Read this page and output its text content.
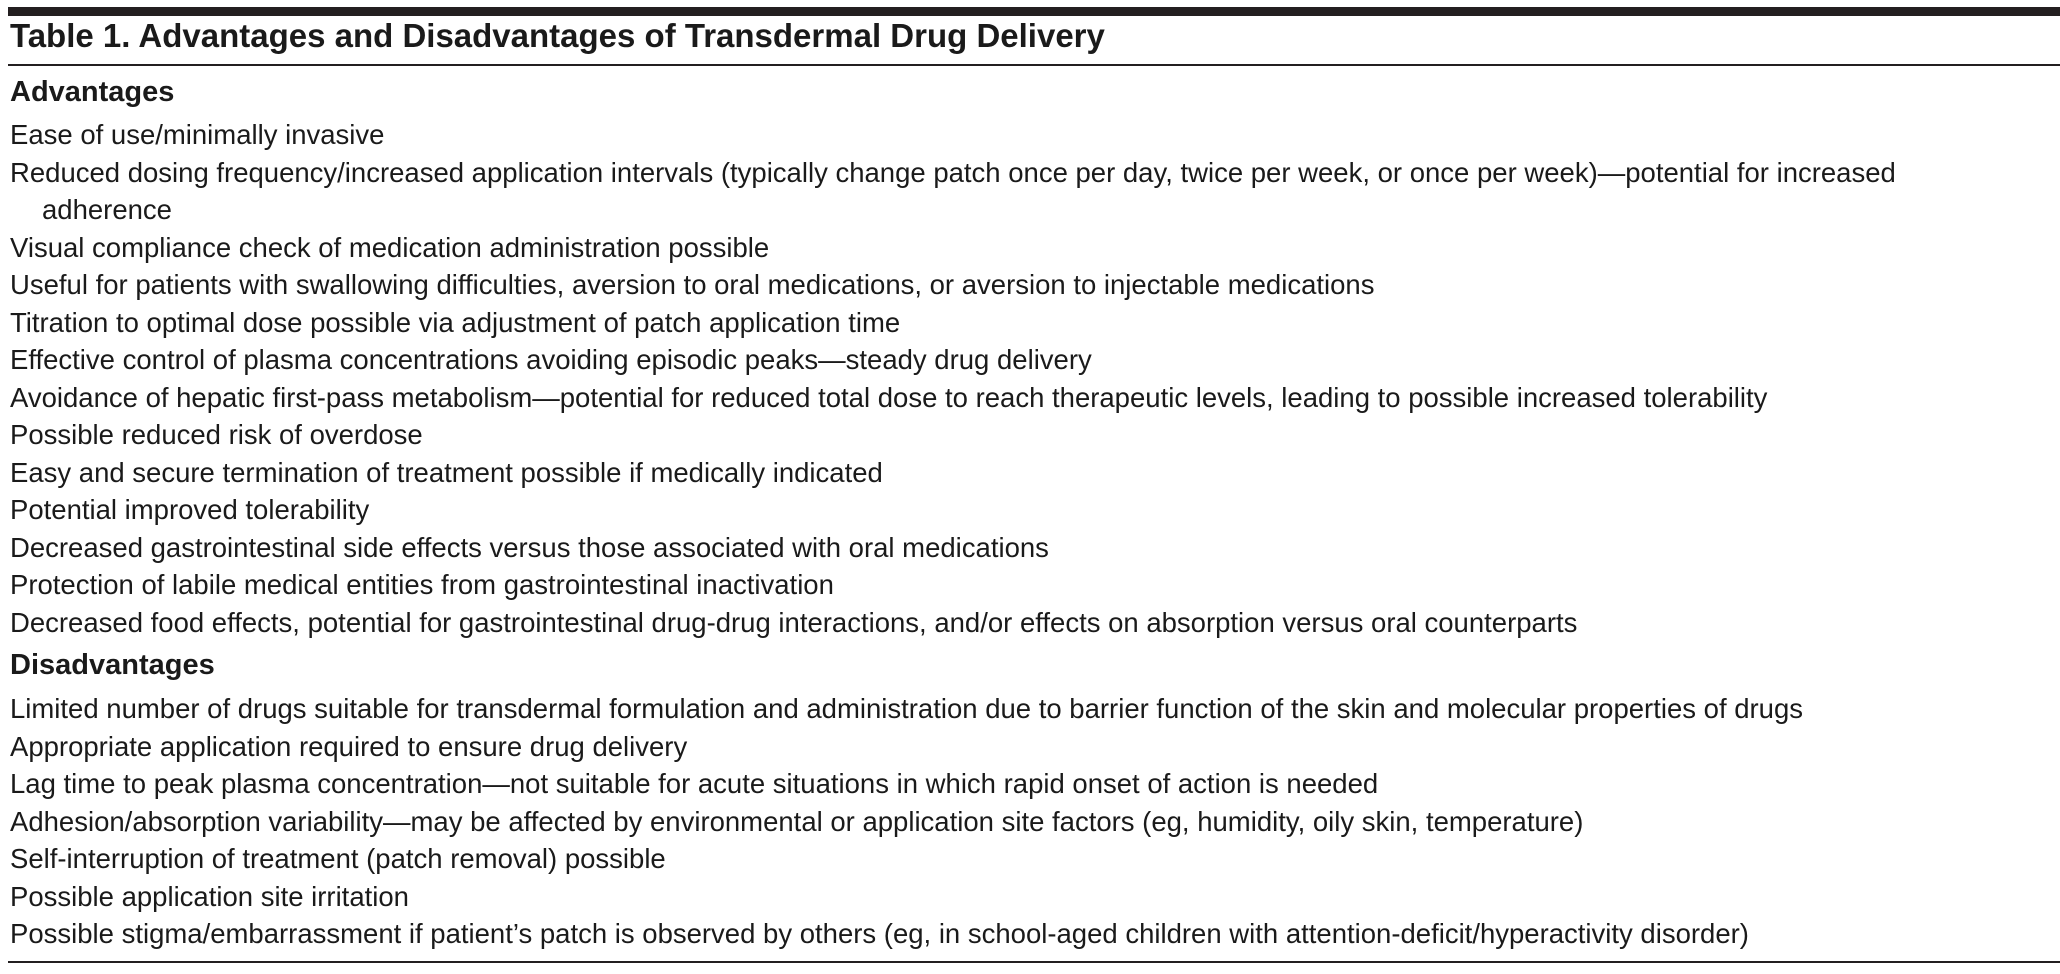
Table 1. Advantages and Disadvantages of Transdermal Drug Delivery
Advantages
Ease of use/minimally invasive
Reduced dosing frequency/increased application intervals (typically change patch once per day, twice per week, or once per week)—potential for increased adherence
Visual compliance check of medication administration possible
Useful for patients with swallowing difficulties, aversion to oral medications, or aversion to injectable medications
Titration to optimal dose possible via adjustment of patch application time
Effective control of plasma concentrations avoiding episodic peaks—steady drug delivery
Avoidance of hepatic first-pass metabolism—potential for reduced total dose to reach therapeutic levels, leading to possible increased tolerability
Possible reduced risk of overdose
Easy and secure termination of treatment possible if medically indicated
Potential improved tolerability
Decreased gastrointestinal side effects versus those associated with oral medications
Protection of labile medical entities from gastrointestinal inactivation
Decreased food effects, potential for gastrointestinal drug-drug interactions, and/or effects on absorption versus oral counterparts
Disadvantages
Limited number of drugs suitable for transdermal formulation and administration due to barrier function of the skin and molecular properties of drugs
Appropriate application required to ensure drug delivery
Lag time to peak plasma concentration—not suitable for acute situations in which rapid onset of action is needed
Adhesion/absorption variability—may be affected by environmental or application site factors (eg, humidity, oily skin, temperature)
Self-interruption of treatment (patch removal) possible
Possible application site irritation
Possible stigma/embarrassment if patient’s patch is observed by others (eg, in school-aged children with attention-deficit/hyperactivity disorder)
